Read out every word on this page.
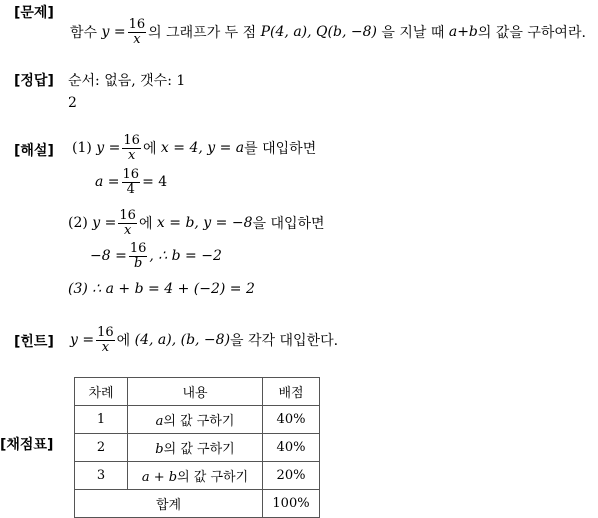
[문제]
함수
$y = \frac{16}{x}$ 의 그래프가 두 점
P(4, a), Q(b, −8)
을 지날 때
a+b 의 값을 구하여라.
[정답] 순서: 없음, 갯수: 1
2
[해설] (1)
$y = \frac{16}{x}$ 에
x = 4, y = a 를 대입하면
$a = \frac{16}{4} = 4$
(2)
$y = \frac{16}{x}$ 에
x = b, y = −8 을 대입하면
$-8 = \frac{16}{b}$ , ∴ b = −2
(3) ∴ a + b = 4 + (−2) = 2
[힌트] $y = \frac{16}{x}$ 에
(4, a), (b, −8) 을 각각 대입한다.
[채점표]
차례	내용	배점
1	a의 값 구하기	40%
2	b의 값 구하기	40%
3	a + b의 값 구하기	20%
합계		100%
